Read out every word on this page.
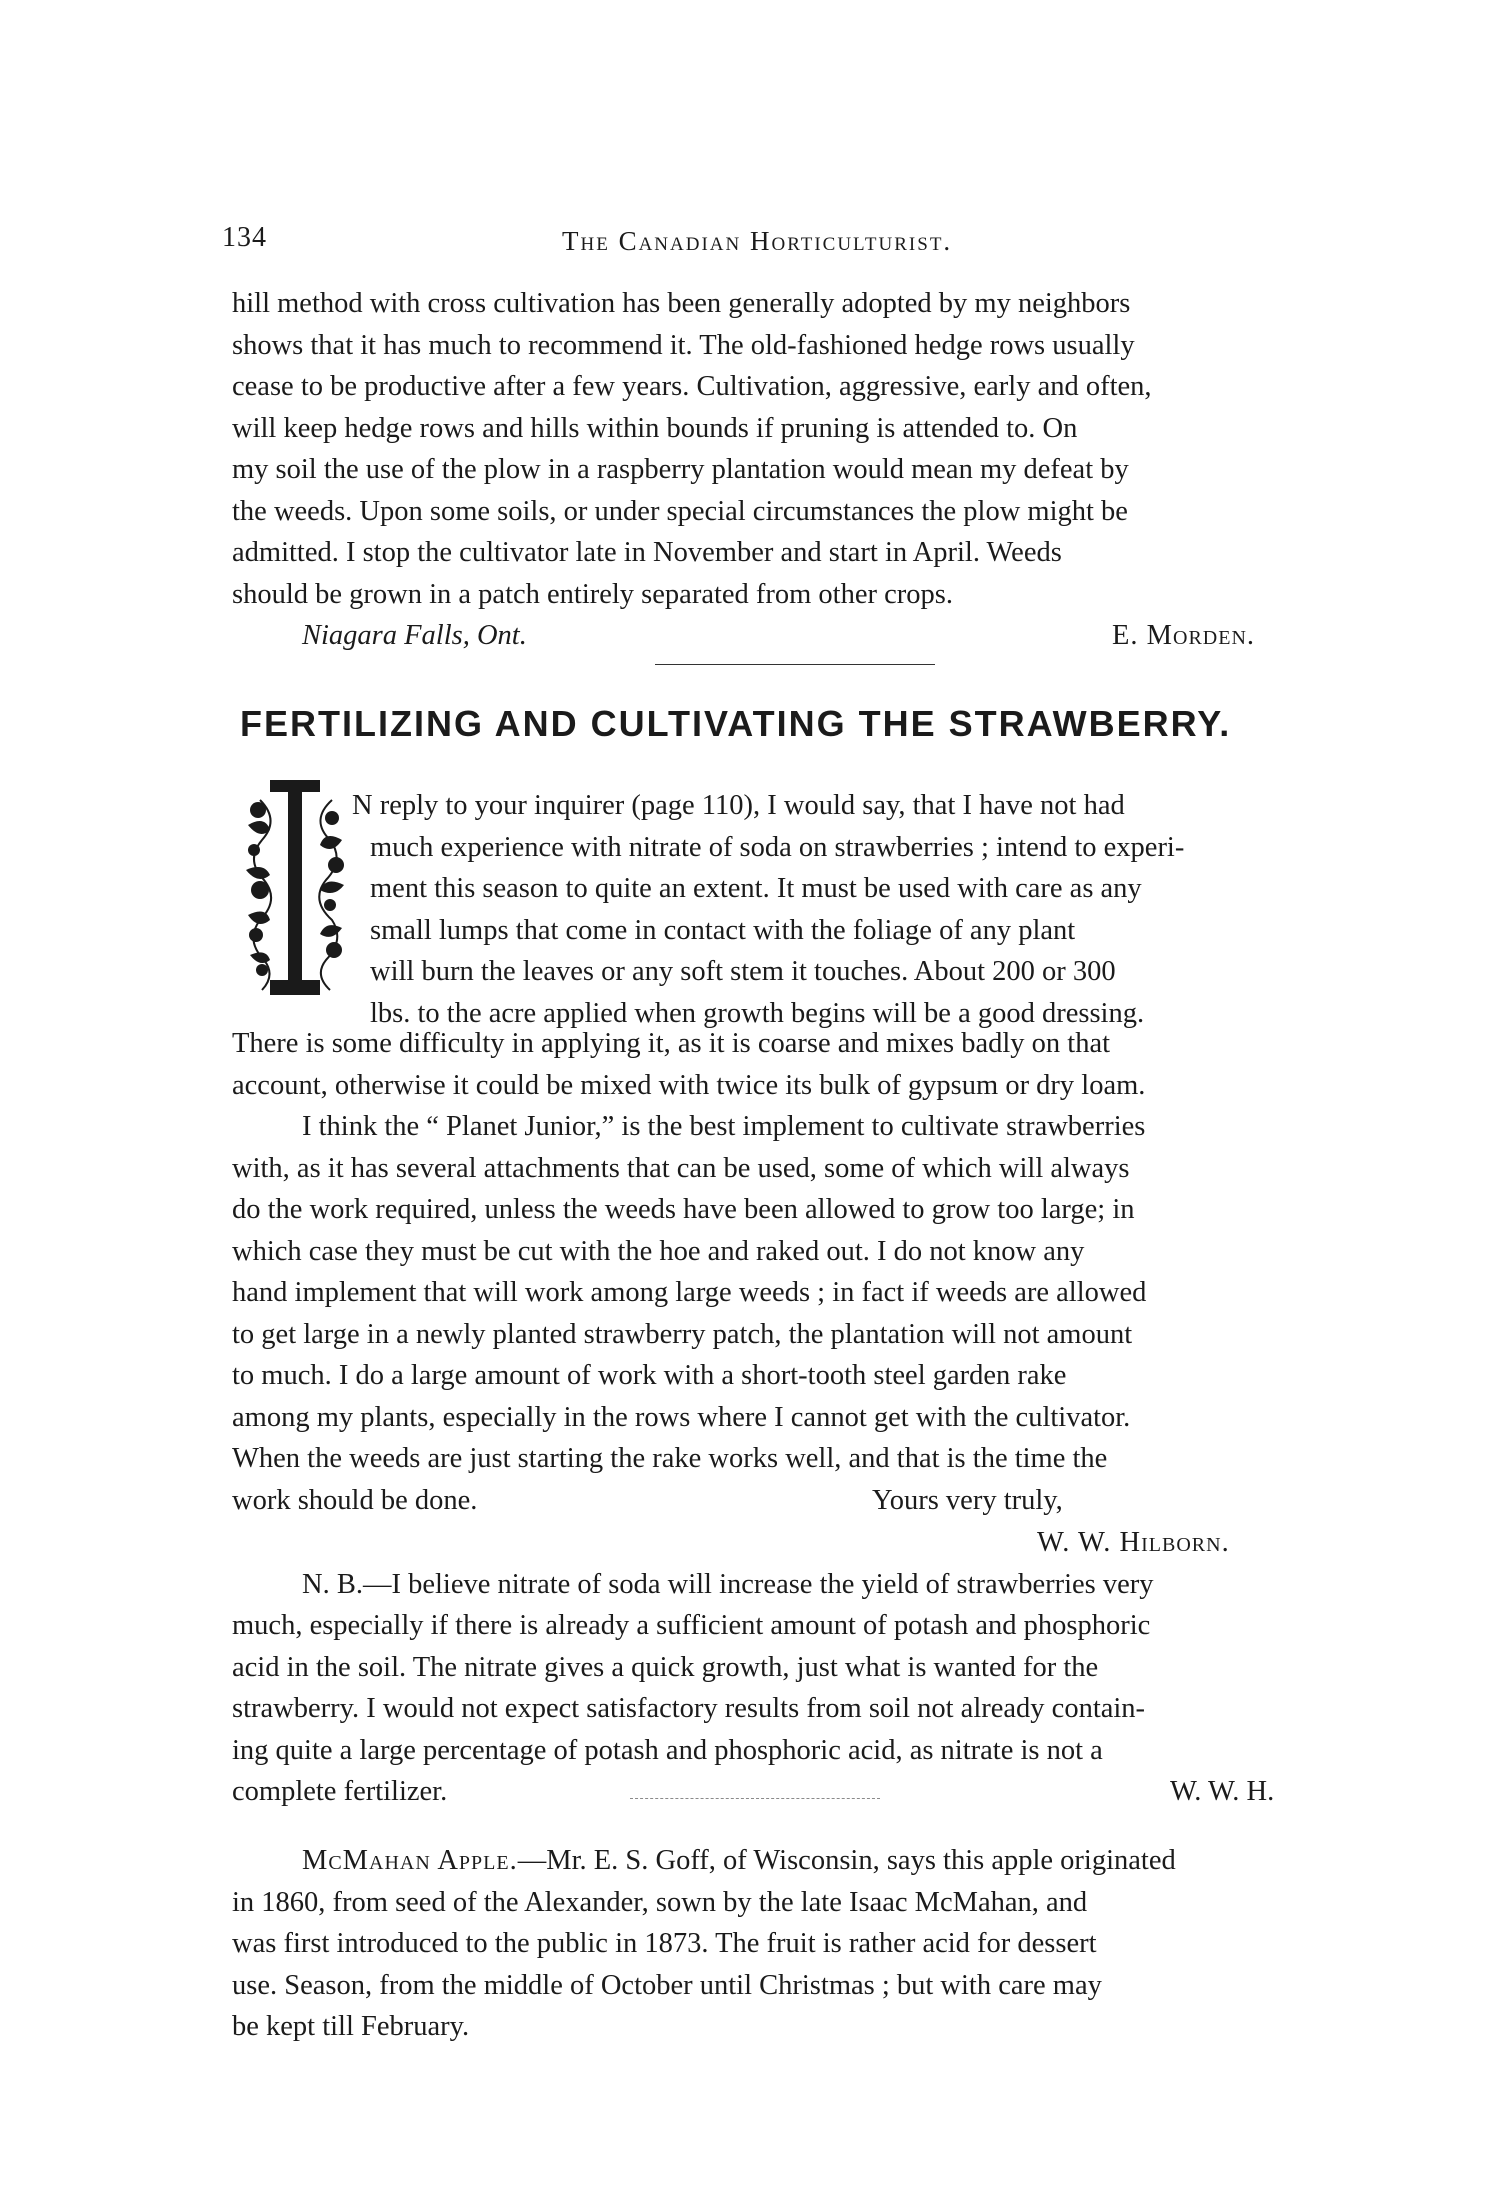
134	The Canadian Horticulturist.

hill method with cross cultivation has been generally adopted by my neighbors

shows that it has much to recommend it. The old-fashioned hedge rows usually

cease to be productive after a few years. Cultivation, aggressive, early and often,

will keep hedge rows and hills within bounds if pruning is attended to. On

my soil the use of the plow in a raspberry plantation would mean my defeat by

the weeds. Upon some soils, or under special circumstances the plow might be

admitted. I stop the cultivator late in November and start in April. Weeds

should be grown in a patch entirely separated from other crops.

Niagara Falls, Ont.	E. Morden.
FERTILIZING AND CULTIVATING THE STRAWBERRY.

N reply to your inquirer (page 110), I would say, that I have not had

much experience with nitrate of soda on strawberries ; intend to experi-

ment this season to quite an extent. It must be used with care as any

small lumps that come in contact with the foliage of any plant

will burn the leaves or any soft stem it touches. About 200 or 300

lbs. to the acre applied when growth begins will be a good dressing.

There is some difficulty in applying it, as it is coarse and mixes badly on that

account, otherwise it could be mixed with twice its bulk of gypsum or dry loam.

I think the “ Planet Junior,” is the best implement to cultivate strawberries

with, as it has several attachments that can be used, some of which will always

do the work required, unless the weeds have been allowed to grow too large; in

which case they must be cut with the hoe and raked out. I do not know any

hand implement that will work among large weeds ; in fact if weeds are allowed

to get large in a newly planted strawberry patch, the plantation will not amount

to much. I do a large amount of work with a short-tooth steel garden rake

among my plants, especially in the rows where I cannot get with the cultivator.

When the weeds are just starting the rake works well, and that is the time the

work should be done.	Yours very truly,
W. W. Hilborn.

N. B.—I believe nitrate of soda will increase the yield of strawberries very

much, especially if there is already a sufficient amount of potash and phosphoric

acid in the soil. The nitrate gives a quick growth, just what is wanted for the

strawberry. I would not expect satisfactory results from soil not already contain-

ing quite a large percentage of potash and phosphoric acid, as nitrate is not a

complete fertilizer.	W. W. H.

McMahan Apple.—Mr. E. S. Goff, of Wisconsin, says this apple originated

in 1860, from seed of the Alexander, sown by the late Isaac McMahan, and

was first introduced to the public in 1873. The fruit is rather acid for dessert

use. Season, from the middle of October until Christmas ; but with care may

be kept till February.
